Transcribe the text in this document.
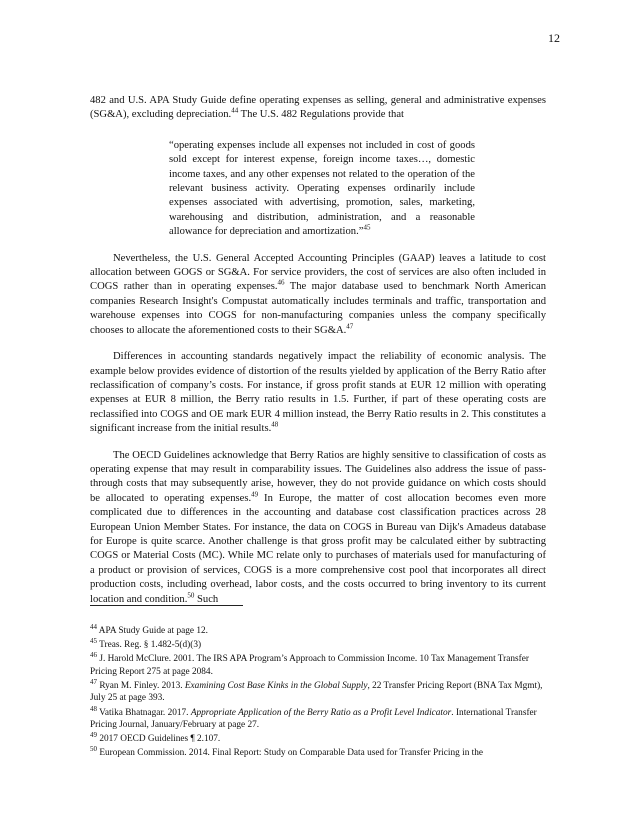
12

482 and U.S. APA Study Guide define operating expenses as selling, general and administrative expenses (SG&A), excluding depreciation.$^{44}$ The U.S. 482 Regulations provide that

“operating expenses include all expenses not included in cost of goods sold except for interest expense, foreign income taxes…, domestic income taxes, and any other expenses not related to the operation of the relevant business activity. Operating expenses ordinarily include expenses associated with advertising, promotion, sales, marketing, warehousing and distribution, administration, and a reasonable allowance for depreciation and amortization.”$^{45}$

Nevertheless, the U.S. General Accepted Accounting Principles (GAAP) leaves a latitude to cost allocation between GOGS or SG&A. For service providers, the cost of services are also often included in COGS rather than in operating expenses.$^{46}$ The major database used to benchmark North American companies Research Insight's Compustat automatically includes terminals and traffic, transportation and warehouse expenses into COGS for non-manufacturing companies unless the company specifically chooses to allocate the aforementioned costs to their SG&A.$^{47}$

Differences in accounting standards negatively impact the reliability of economic analysis. The example below provides evidence of distortion of the results yielded by application of the Berry Ratio after reclassification of company’s costs. For instance, if gross profit stands at EUR 12 million with operating expenses at EUR 8 million, the Berry ratio results in 1.5. Further, if part of these operating costs are reclassified into COGS and OE mark EUR 4 million instead, the Berry Ratio results in 2. This constitutes a significant increase from the initial results.$^{48}$

The OECD Guidelines acknowledge that Berry Ratios are highly sensitive to classification of costs as operating expense that may result in comparability issues. The Guidelines also address the issue of pass-through costs that may subsequently arise, however, they do not provide guidance on which costs should be allocated to operating expenses.$^{49}$ In Europe, the matter of cost allocation becomes even more complicated due to differences in the accounting and database cost classification practices across 28 European Union Member States. For instance, the data on COGS in Bureau van Dijk's Amadeus database for Europe is quite scarce. Another challenge is that gross profit may be calculated either by subtracting COGS or Material Costs (MC). While MC relate only to purchases of materials used for manufacturing of a product or provision of services, COGS is a more comprehensive cost pool that incorporates all direct production costs, including overhead, labor costs, and the costs occurred to bring inventory to its current location and condition.$^{50}$ Such

$^{44}$ APA Study Guide at page 12.
$^{45}$ Treas. Reg. § 1.482-5(d)(3)
$^{46}$ J. Harold McClure. 2001. The IRS APA Program’s Approach to Commission Income. 10 Tax Management Transfer Pricing Report 275 at page 2084.
$^{47}$ Ryan M. Finley. 2013. Examining Cost Base Kinks in the Global Supply, 22 Transfer Pricing Report (BNA Tax Mgmt), July 25 at page 393.
$^{48}$ Vatika Bhatnagar. 2017. Appropriate Application of the Berry Ratio as a Profit Level Indicator. International Transfer Pricing Journal, January/February at page 27.
$^{49}$ 2017 OECD Guidelines ¶ 2.107.
$^{50}$ European Commission. 2014. Final Report: Study on Comparable Data used for Transfer Pricing in the
